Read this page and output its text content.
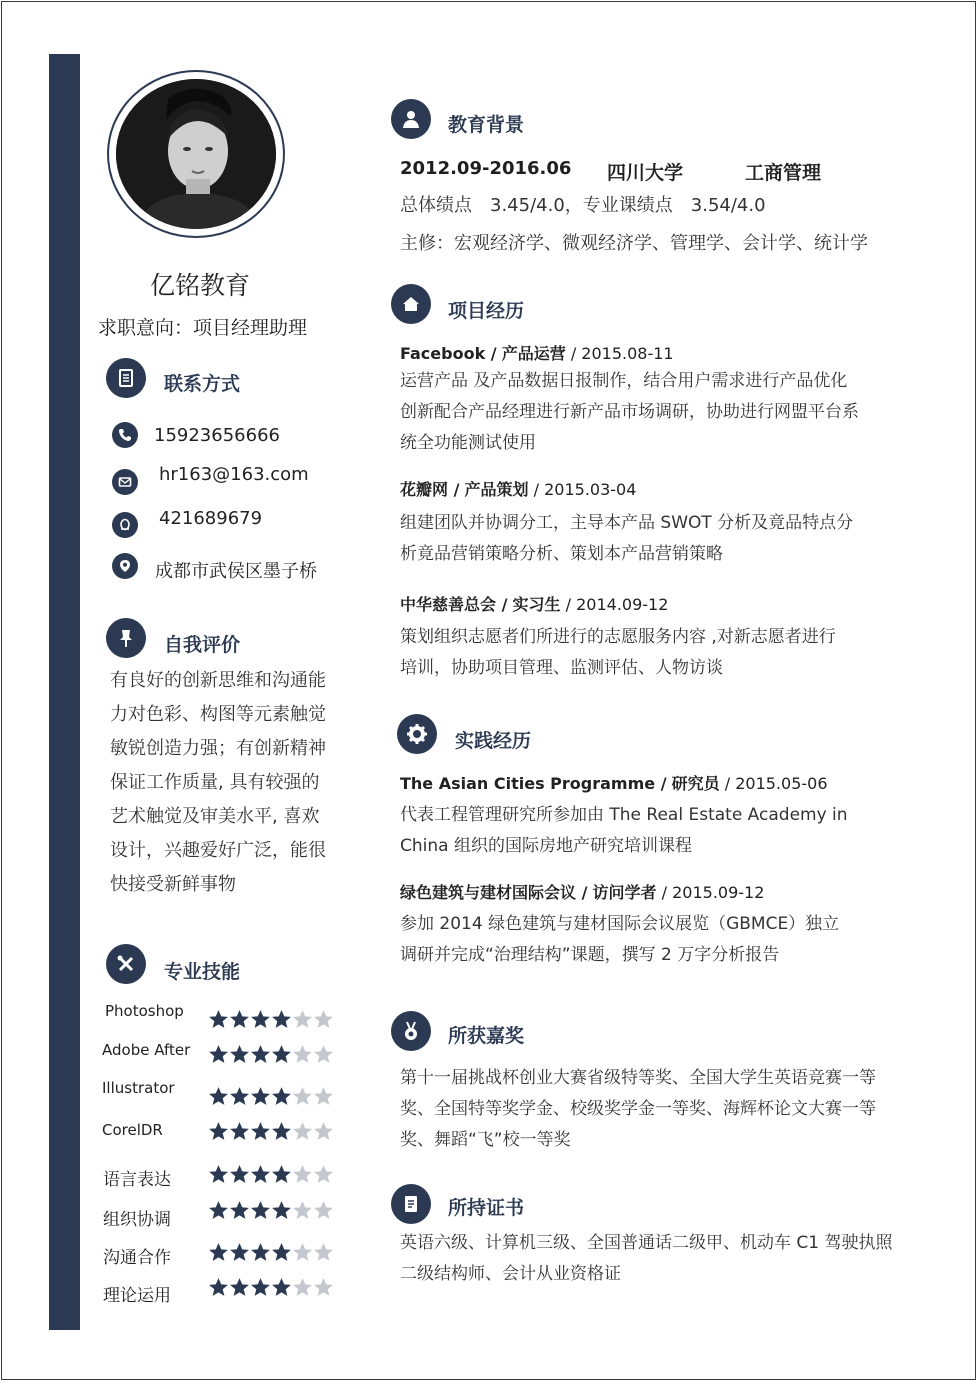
亿铭教育
求职意向：项目经理助理
联系方式
15923656666
hr163@163.com
421689679
成都市武侯区墨子桥
自我评价
有良好的创新思维和沟通能
力对色彩、构图等元素触觉
敏锐创造力强；有创新精神
保证工作质量, 具有较强的
艺术触觉及审美水平, 喜欢
设计，兴趣爱好广泛，能很
快接受新鲜事物
专业技能
Photoshop
Adobe After
Illustrator
CorelDR
语言表达
组织协调
沟通合作
理论运用
教育背景
2012.09-2016.06 四川大学	工商管理
总体绩点　3.45/4.0，专业课绩点　3.54/4.0
主修：宏观经济学、微观经济学、管理学、会计学、统计学
项目经历
Facebook / 产品运营 / 2015.08-11
运营产品 及产品数据日报制作，结合用户需求进行产品优化
创新配合产品经理进行新产品市场调研，协助进行网盟平台系
统全功能测试使用
花瓣网 / 产品策划 / 2015.03-04
组建团队并协调分工，主导本产品 SWOT 分析及竟品特点分
析竟品营销策略分析、策划本产品营销策略
中华慈善总会 / 实习生 / 2014.09-12
策划组织志愿者们所进行的志愿服务内容 ,对新志愿者进行
培训，协助项目管理、监测评估、人物访谈
实践经历
The Asian Cities Programme / 研究员 / 2015.05-06
代表工程管理研究所参加由 The Real Estate Academy in
China 组织的国际房地产研究培训课程
绿色建筑与建材国际会议 / 访问学者 / 2015.09-12
参加 2014 绿色建筑与建材国际会议展览（GBMCE）独立
调研并完成“治理结构”课题，撰写 2 万字分析报告
所获嘉奖
第十一届挑战杯创业大赛省级特等奖、全国大学生英语竞赛一等
奖、全国特等奖学金、校级奖学金一等奖、海辉杯论文大赛一等
奖、舞蹈“飞”校一等奖
所持证书
英语六级、计算机三级、全国普通话二级甲、机动车 C1 驾驶执照
二级结构师、会计从业资格证
